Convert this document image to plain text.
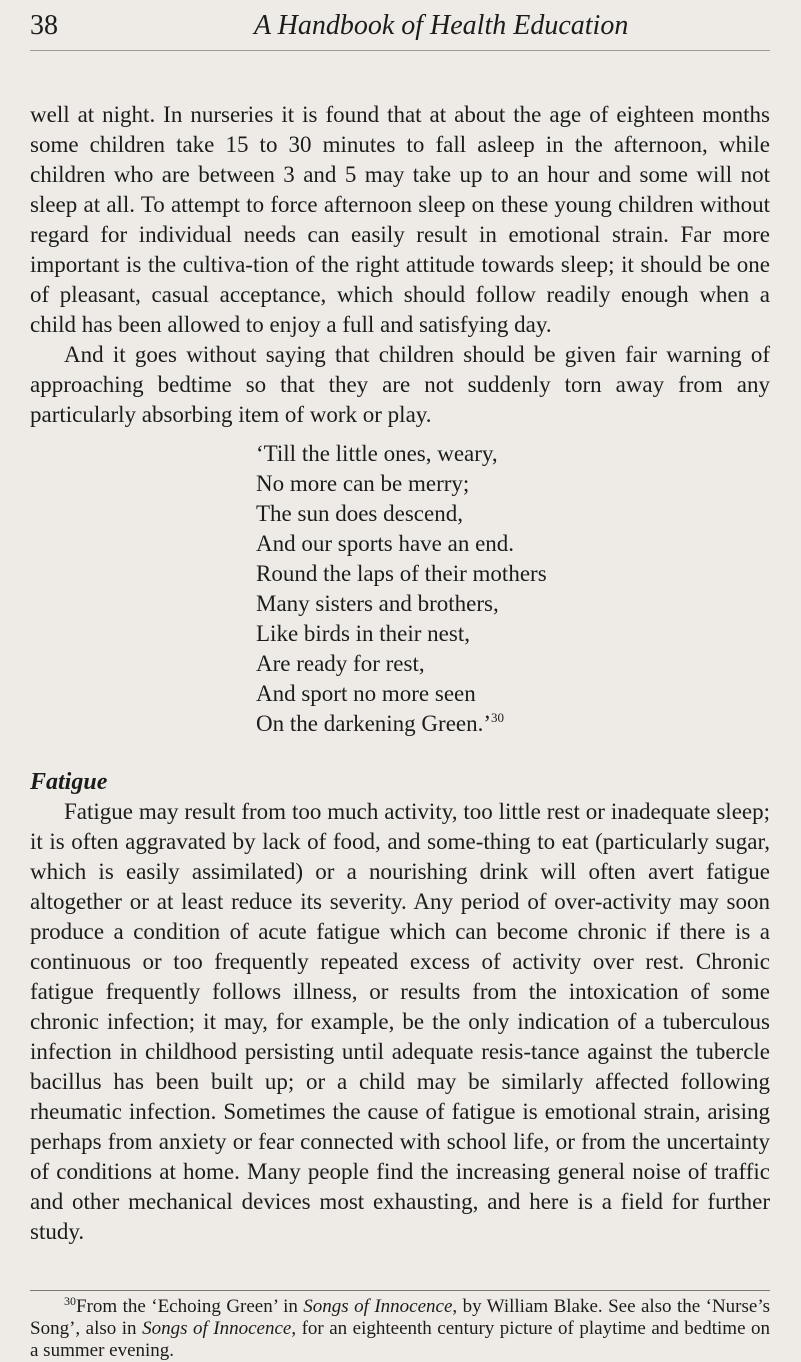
38	A Handbook of Health Education

well at night. In nurseries it is found that at about the age of eighteen months some children take 15 to 30 minutes to fall asleep in the afternoon, while children who are between 3 and 5 may take up to an hour and some will not sleep at all. To attempt to force afternoon sleep on these young children without regard for individual needs can easily result in emotional strain. Far more important is the cultiva-tion of the right attitude towards sleep; it should be one of pleasant, casual acceptance, which should follow readily enough when a child has been allowed to enjoy a full and satisfying day.

And it goes without saying that children should be given fair warning of approaching bedtime so that they are not suddenly torn away from any particularly absorbing item of work or play.

‘Till the little ones, weary,
No more can be merry;
The sun does descend,
And our sports have an end.
Round the laps of their mothers
Many sisters and brothers,
Like birds in their nest,
Are ready for rest,
And sport no more seen
On the darkening Green.’$^{30}$
Fatigue

Fatigue may result from too much activity, too little rest or inadequate sleep; it is often aggravated by lack of food, and some-thing to eat (particularly sugar, which is easily assimilated) or a nourishing drink will often avert fatigue altogether or at least reduce its severity. Any period of over-activity may soon produce a condition of acute fatigue which can become chronic if there is a continuous or too frequently repeated excess of activity over rest. Chronic fatigue frequently follows illness, or results from the intoxication of some chronic infection; it may, for example, be the only indication of a tuberculous infection in childhood persisting until adequate resis-tance against the tubercle bacillus has been built up; or a child may be similarly affected following rheumatic infection. Sometimes the cause of fatigue is emotional strain, arising perhaps from anxiety or fear connected with school life, or from the uncertainty of conditions at home. Many people find the increasing general noise of traffic and other mechanical devices most exhausting, and here is a field for further study.

$^{30}$From the ‘Echoing Green’ in Songs of Innocence, by William Blake. See also the ‘Nurse’s Song’, also in Songs of Innocence, for an eighteenth century picture of playtime and bedtime on a summer evening.
